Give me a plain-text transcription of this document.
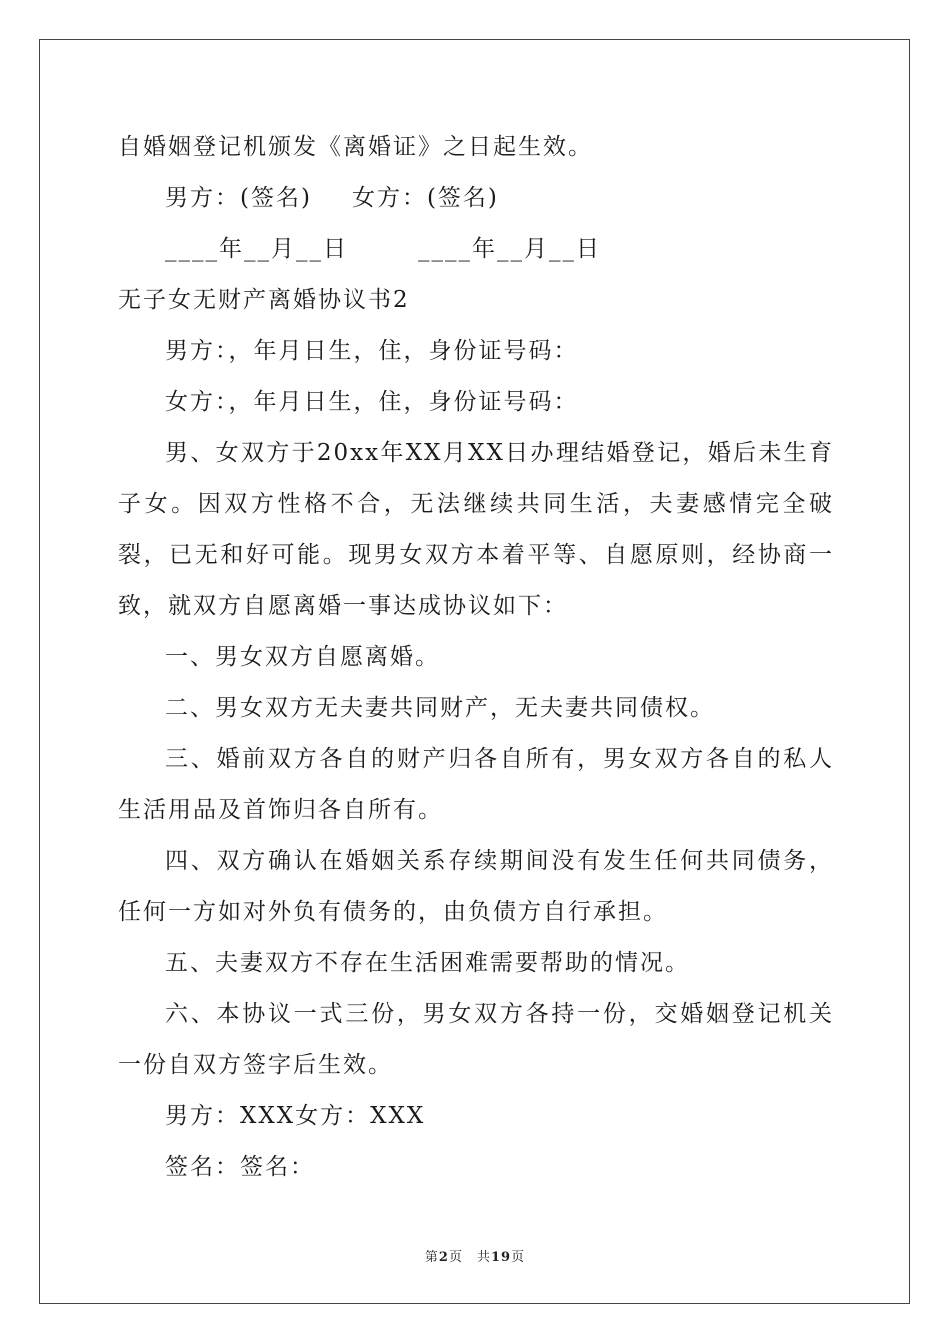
自婚姻登记机颁发《离婚证》之日起生效。
男方：(签名) 女方：(签名)
____年__月__日	____年__月__日
无子女无财产离婚协议书2
男方：，年月日生，住，身份证号码：
女方：，年月日生，住，身份证号码：
男、女双方于20xx年XX月XX日办理结婚登记，婚后未生育子女。因双方性格不合，无法继续共同生活，夫妻感情完全破裂，已无和好可能。现男女双方本着平等、自愿原则，经协商一致，就双方自愿离婚一事达成协议如下：
一、男女双方自愿离婚。
二、男女双方无夫妻共同财产，无夫妻共同债权。
三、婚前双方各自的财产归各自所有，男女双方各自的私人生活用品及首饰归各自所有。
四、双方确认在婚姻关系存续期间没有发生任何共同债务，任何一方如对外负有债务的，由负债方自行承担。
五、夫妻双方不存在生活困难需要帮助的情况。
六、本协议一式三份，男女双方各持一份，交婚姻登记机关一份自双方签字后生效。
男方：XXX女方：XXX
签名：签名：
第2页　共19页
